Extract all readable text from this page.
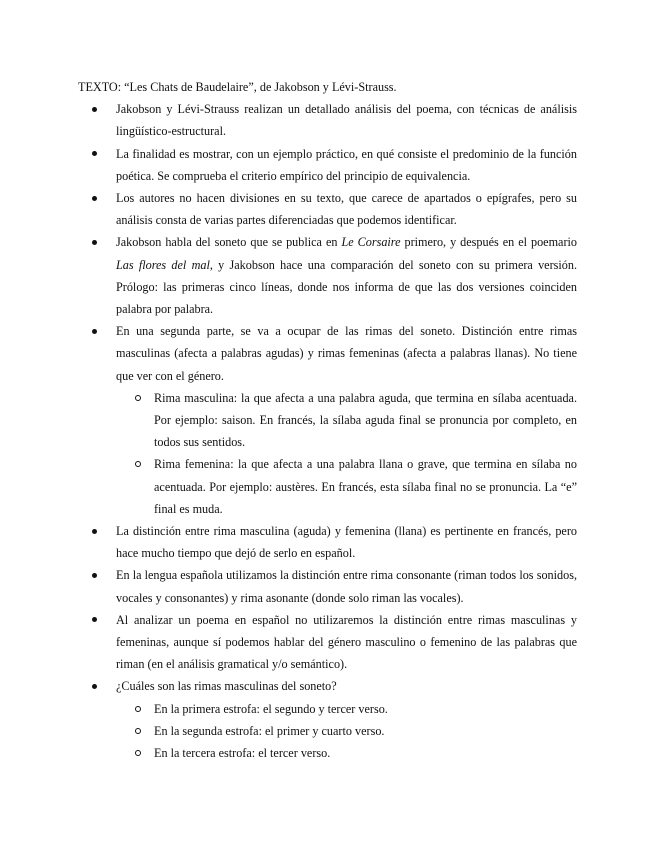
TEXTO: “Les Chats de Baudelaire”, de Jakobson y Lévi-Strauss.

Jakobson y Lévi-Strauss realizan un detallado análisis del poema, con técnicas de análisis lingüístico-estructural.
La finalidad es mostrar, con un ejemplo práctico, en qué consiste el predominio de la función poética. Se comprueba el criterio empírico del principio de equivalencia.
Los autores no hacen divisiones en su texto, que carece de apartados o epígrafes, pero su análisis consta de varias partes diferenciadas que podemos identificar.
Jakobson habla del soneto que se publica en Le Corsaire primero, y después en el poemario Las flores del mal, y Jakobson hace una comparación del soneto con su primera versión. Prólogo: las primeras cinco líneas, donde nos informa de que las dos versiones coinciden palabra por palabra.
En una segunda parte, se va a ocupar de las rimas del soneto. Distinción entre rimas masculinas (afecta a palabras agudas) y rimas femeninas (afecta a palabras llanas). No tiene que ver con el género.
Rima masculina: la que afecta a una palabra aguda, que termina en sílaba acentuada. Por ejemplo: saison. En francés, la sílaba aguda final se pronuncia por completo, en todos sus sentidos.
Rima femenina: la que afecta a una palabra llana o grave, que termina en sílaba no acentuada. Por ejemplo: austères. En francés, esta sílaba final no se pronuncia. La “e” final es muda.
La distinción entre rima masculina (aguda) y femenina (llana) es pertinente en francés, pero hace mucho tiempo que dejó de serlo en español.
En la lengua española utilizamos la distinción entre rima consonante (riman todos los sonidos, vocales y consonantes) y rima asonante (donde solo riman las vocales).
Al analizar un poema en español no utilizaremos la distinción entre rimas masculinas y femeninas, aunque sí podemos hablar del género masculino o femenino de las palabras que riman (en el análisis gramatical y/o semántico).
¿Cuáles son las rimas masculinas del soneto?
En la primera estrofa: el segundo y tercer verso.
En la segunda estrofa: el primer y cuarto verso.
En la tercera estrofa: el tercer verso.
